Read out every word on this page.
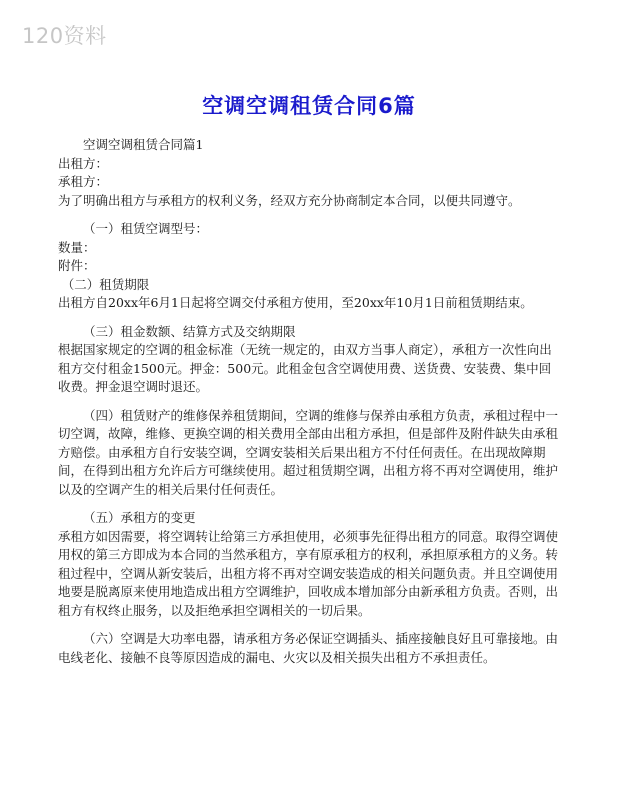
120资料
空调空调租赁合同6篇

空调空调租赁合同篇1

出租方：

承租方：

为了明确出租方与承租方的权利义务，经双方充分协商制定本合同，以便共同遵守。

（一）租赁空调型号：

数量：

附件：

（二）租赁期限

出租方自20xx年6月1日起将空调交付承租方使用，至20xx年10月1日前租赁期结束。

（三）租金数额、结算方式及交纳期限

根据国家规定的空调的租金标准（无统一规定的，由双方当事人商定），承租方一次性向出租方交付租金1500元。押金：500元。此租金包含空调使用费、送货费、安装费、集中回收费。押金退空调时退还。

（四）租赁财产的维修保养租赁期间，空调的维修与保养由承租方负责，承租过程中一切空调，故障，维修、更换空调的相关费用全部由出租方承担，但是部件及附件缺失由承租方赔偿。由承租方自行安装空调，空调安装相关后果出租方不付任何责任。在出现故障期间，在得到出租方允许后方可继续使用。超过租赁期空调，出租方将不再对空调使用，维护以及的空调产生的相关后果付任何责任。

（五）承租方的变更

承租方如因需要，将空调转让给第三方承担使用，必须事先征得出租方的同意。取得空调使用权的第三方即成为本合同的当然承租方，享有原承租方的权利，承担原承租方的义务。转租过程中，空调从新安装后，出租方将不再对空调安装造成的相关问题负责。并且空调使用地要是脱离原来使用地造成出租方空调维护，回收成本增加部分由新承租方负责。否则，出租方有权终止服务，以及拒绝承担空调相关的一切后果。

（六）空调是大功率电器，请承租方务必保证空调插头、插座接触良好且可靠接地。由电线老化、接触不良等原因造成的漏电、火灾以及相关损失出租方不承担责任。
